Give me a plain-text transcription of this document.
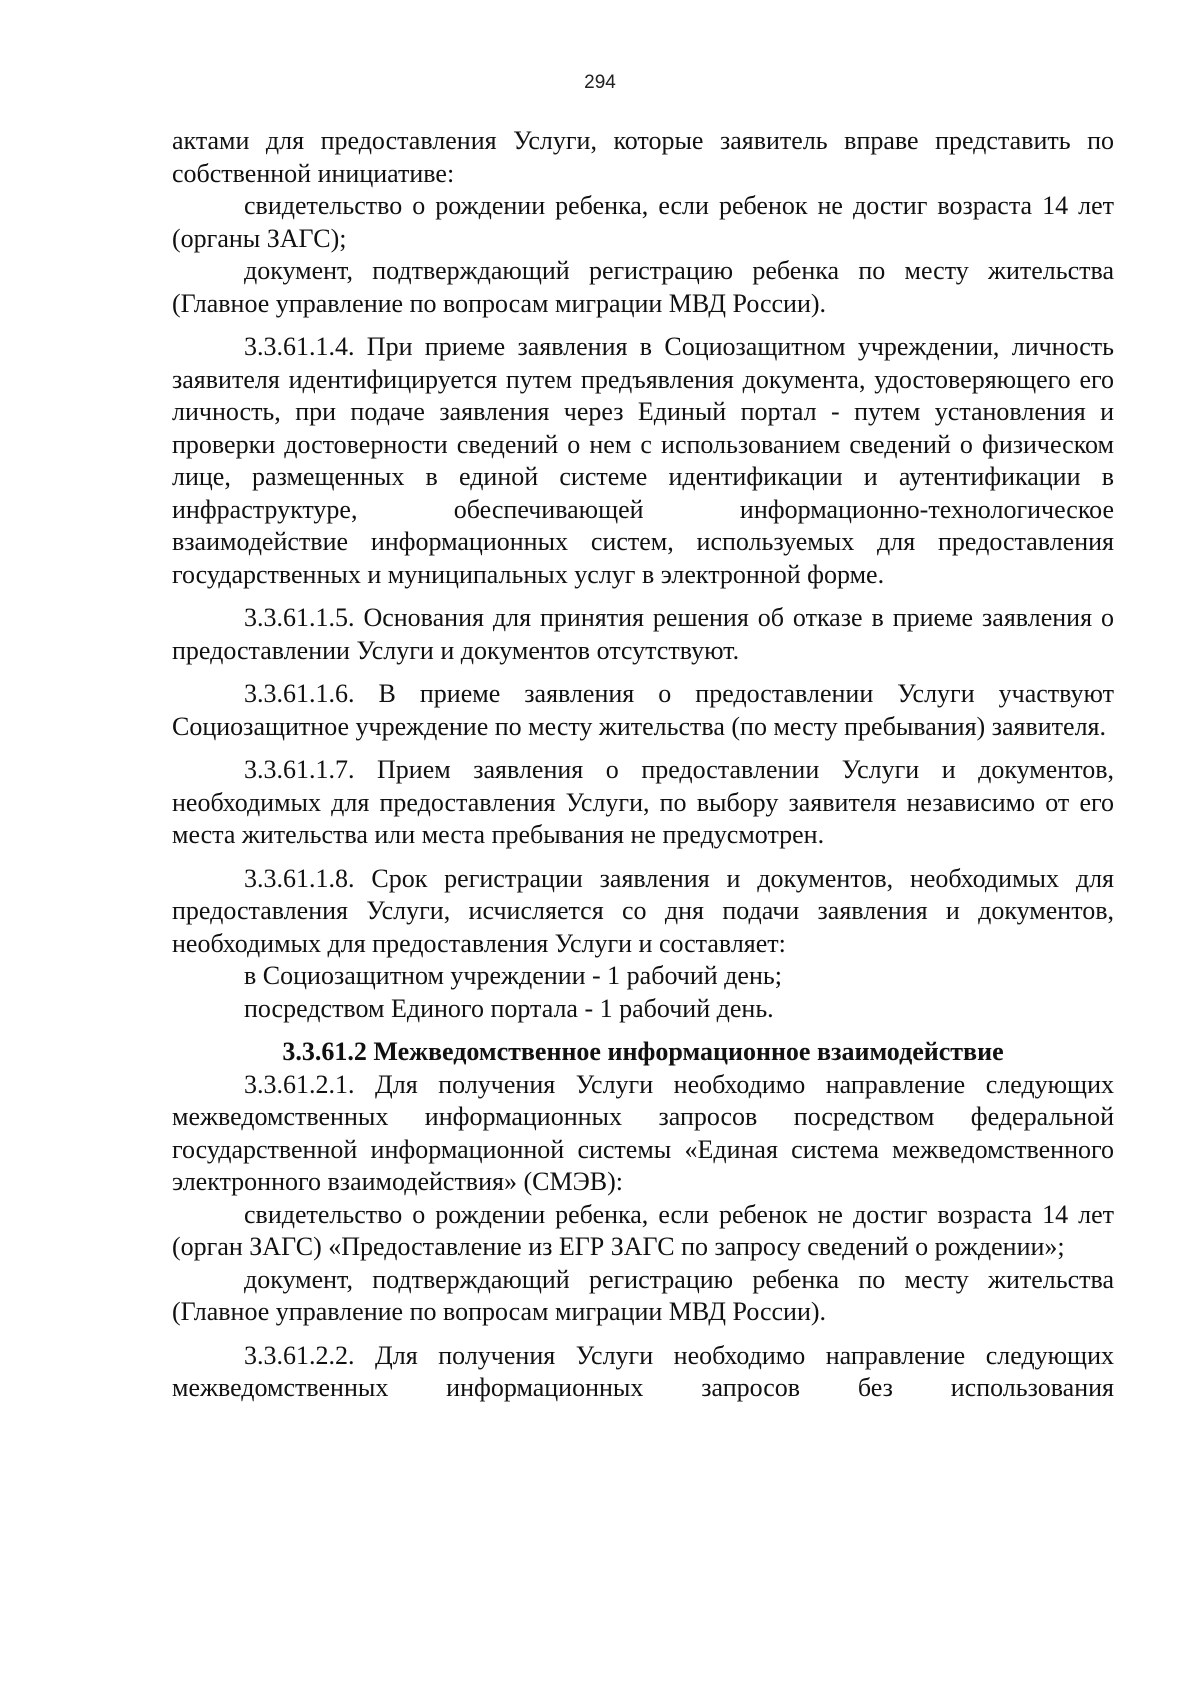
294

актами для предоставления Услуги, которые заявитель вправе представить по собственной инициативе:

свидетельство о рождении ребенка, если ребенок не достиг возраста 14 лет (органы ЗАГС);

документ, подтверждающий регистрацию ребенка по месту жительства (Главное управление по вопросам миграции МВД России).

3.3.61.1.4. При приеме заявления в Социозащитном учреждении, личность заявителя идентифицируется путем предъявления документа, удостоверяющего его личность, при подаче заявления через Единый портал - путем установления и проверки достоверности сведений о нем с использованием сведений о физическом лице, размещенных в единой системе идентификации и аутентификации в инфраструктуре, обеспечивающей информационно-технологическое взаимодействие информационных систем, используемых для предоставления государственных и муниципальных услуг в электронной форме.

3.3.61.1.5. Основания для принятия решения об отказе в приеме заявления о предоставлении Услуги и документов отсутствуют.

3.3.61.1.6. В приеме заявления о предоставлении Услуги участвуют Социозащитное учреждение по месту жительства (по месту пребывания) заявителя.

3.3.61.1.7. Прием заявления о предоставлении Услуги и документов, необходимых для предоставления Услуги, по выбору заявителя независимо от его места жительства или места пребывания не предусмотрен.

3.3.61.1.8. Срок регистрации заявления и документов, необходимых для предоставления Услуги, исчисляется со дня подачи заявления и документов, необходимых для предоставления Услуги и составляет:

в Социозащитном учреждении - 1 рабочий день;

посредством Единого портала - 1 рабочий день.

3.3.61.2 Межведомственное информационное взаимодействие

3.3.61.2.1. Для получения Услуги необходимо направление следующих межведомственных информационных запросов посредством федеральной государственной информационной системы «Единая система межведомственного электронного взаимодействия» (СМЭВ):

свидетельство о рождении ребенка, если ребенок не достиг возраста 14 лет (орган ЗАГС) «Предоставление из ЕГР ЗАГС по запросу сведений о рождении»;

документ, подтверждающий регистрацию ребенка по месту жительства (Главное управление по вопросам миграции МВД России).

3.3.61.2.2. Для получения Услуги необходимо направление следующих межведомственных информационных запросов без использования
